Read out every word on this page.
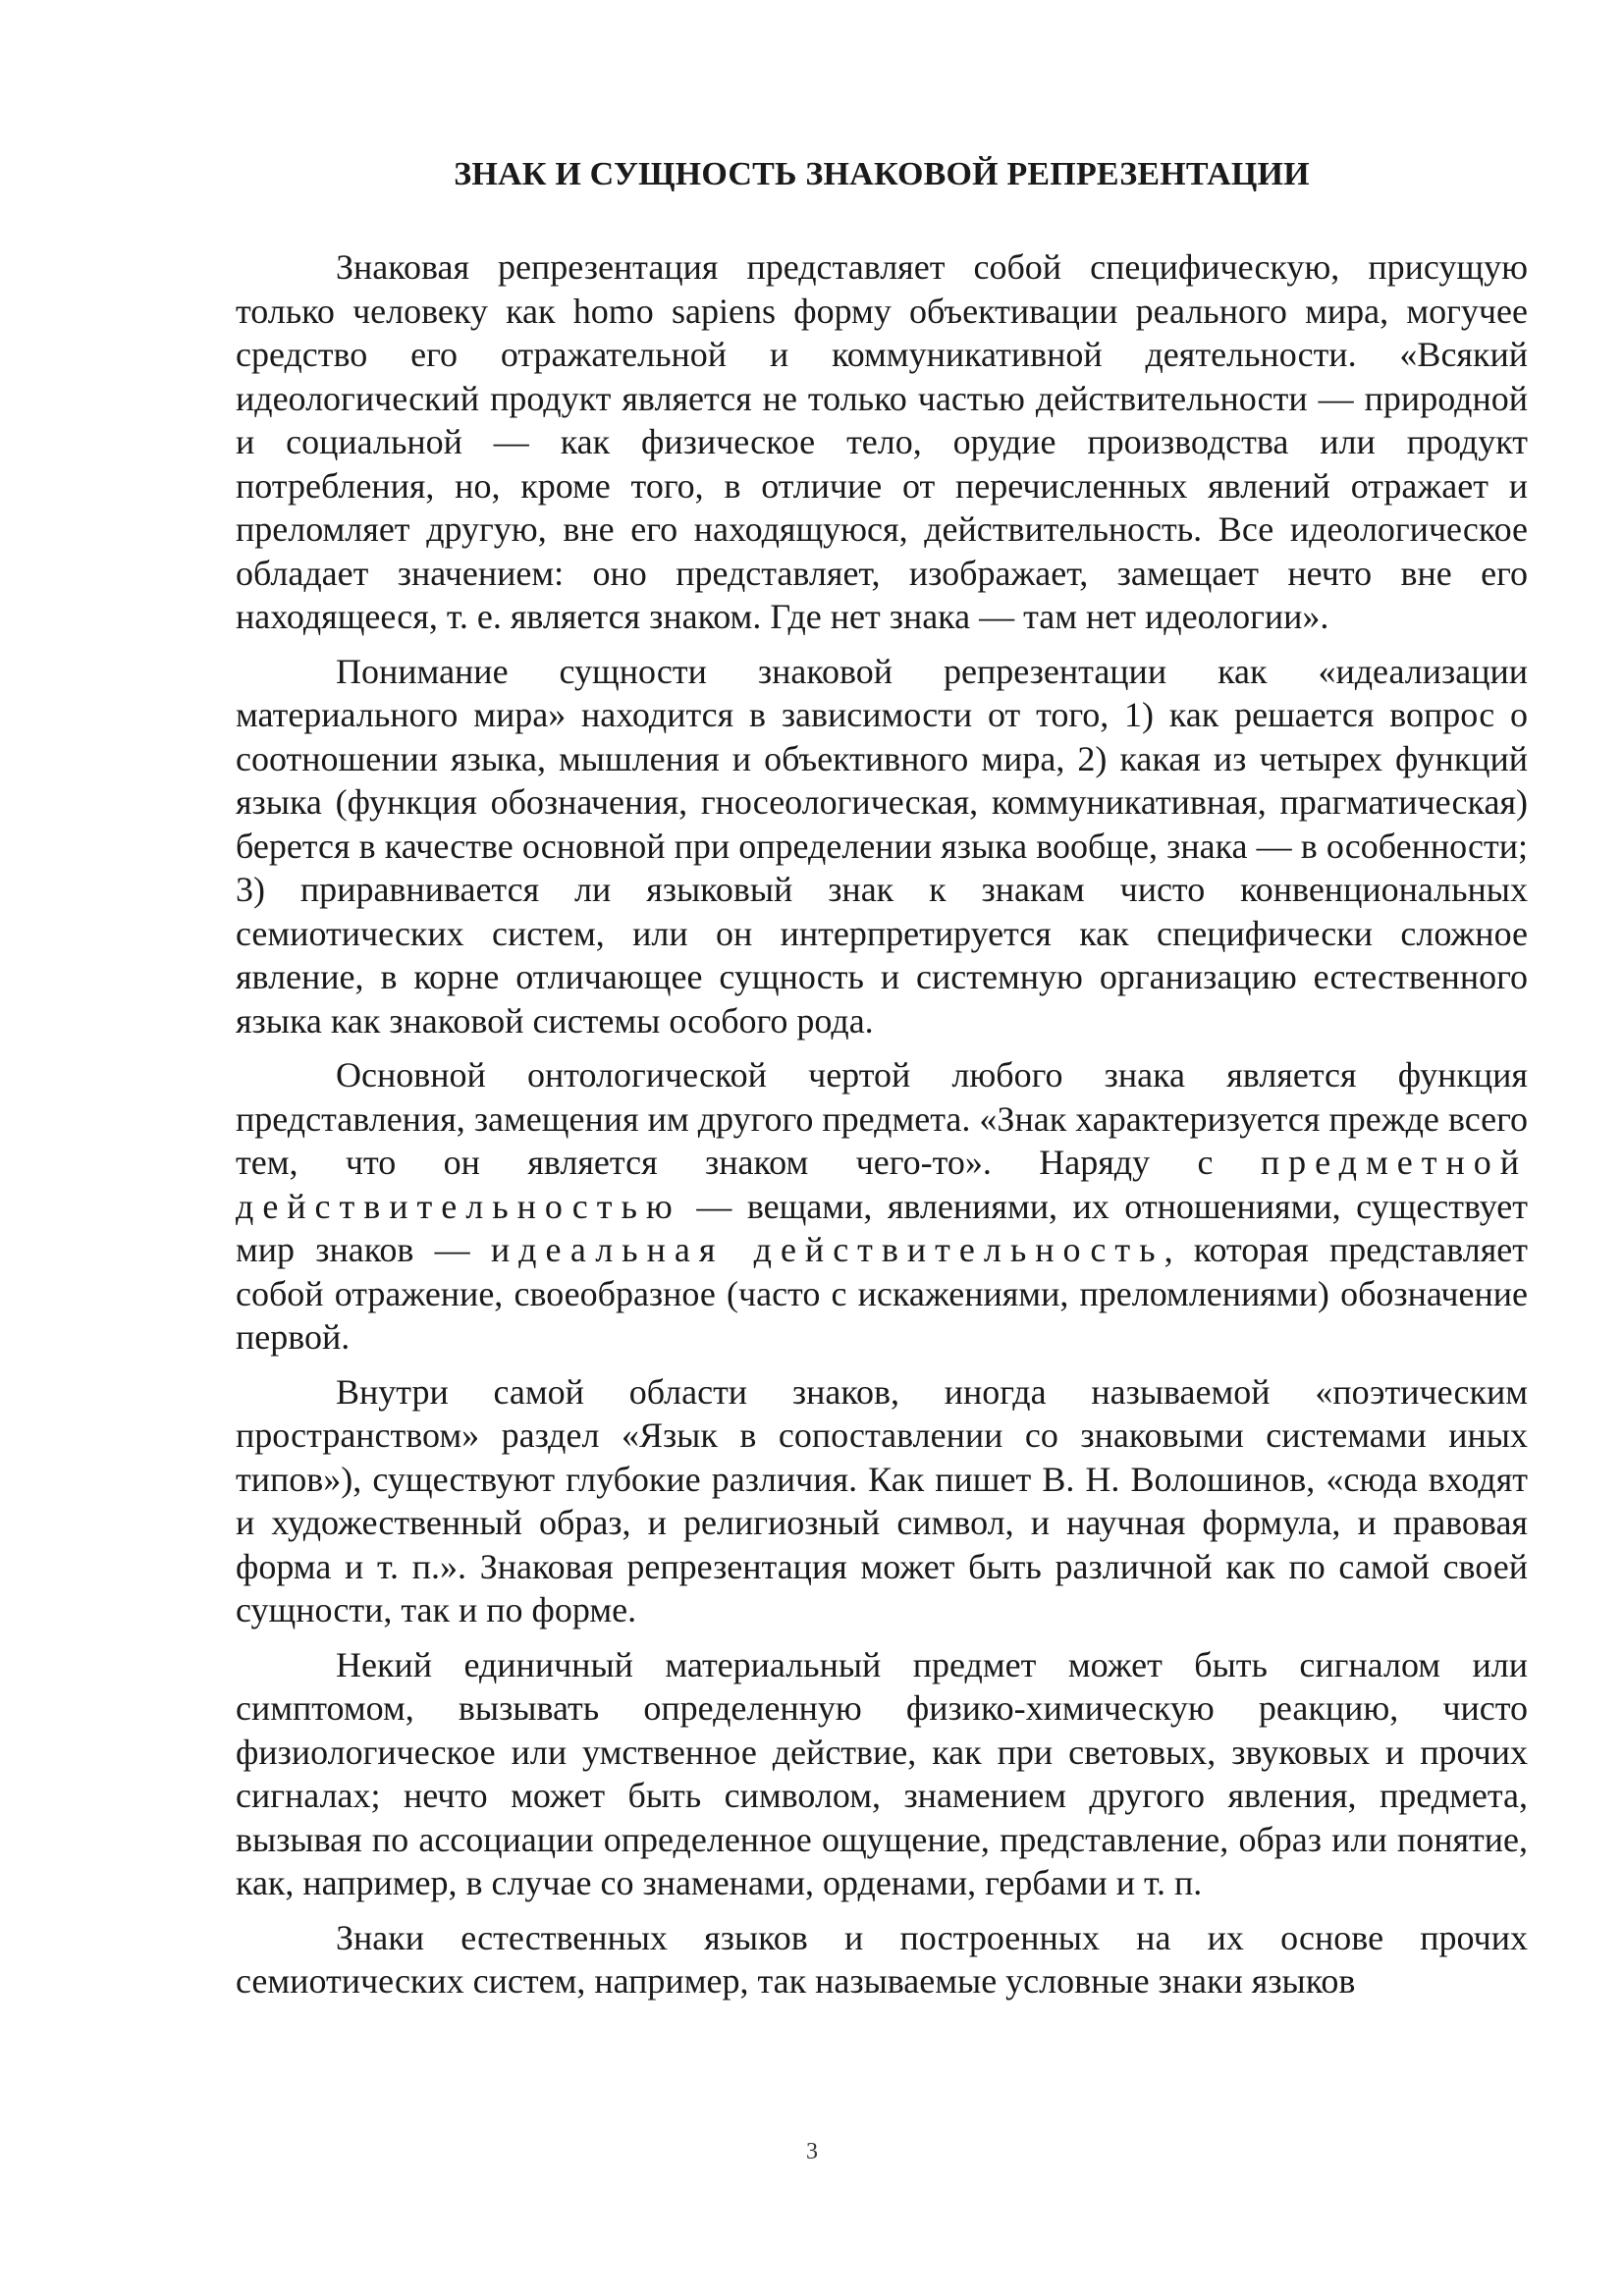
ЗНАК И СУЩНОСТЬ ЗНАКОВОЙ РЕПРЕЗЕНТАЦИИ

Знаковая репрезентация представляет собой специфическую, присущую только человеку как homo sapiens форму объективации реального мира, могучее средство его отражательной и коммуникативной деятельности. «Всякий идеологический продукт является не только частью действительности — природной и социальной — как физическое тело, орудие производства или продукт потребления, но, кроме того, в отличие от перечисленных явлений отражает и преломляет другую, вне его находящуюся, действительность. Все идеологическое обладает значением: оно представляет, изображает, замещает нечто вне его находящееся, т. е. является знаком. Где нет знака — там нет идеологии».

Понимание сущности знаковой репрезентации как «идеализации материального мира» находится в зависимости от того, 1) как решается вопрос о соотношении языка, мышления и объективного мира, 2) какая из четырех функций языка (функция обозначения, гносеологическая, коммуникативная, прагматическая) берется в качестве основной при определении языка вообще, знака — в особенности; 3) приравнивается ли языковый знак к знакам чисто конвенциональных семиотических систем, или он интерпретируется как специфически сложное явление, в корне отличающее сущность и системную организацию естественного языка как знаковой системы особого рода.

Основной онтологической чертой любого знака является функция представления, замещения им другого предмета. «Знак характеризуется прежде всего тем, что он является знаком чего-то». Наряду с предметной действительностью — вещами, явлениями, их отношениями, существует мир знаков — идеальная действительность, которая представляет собой отражение, своеобразное (часто с искажениями, преломлениями) обозначение первой.

Внутри самой области знаков, иногда называемой «поэтическим пространством» раздел «Язык в сопоставлении со знаковыми системами иных типов»), существуют глубокие различия. Как пишет В. Н. Волошинов, «сюда входят и художественный образ, и религиозный символ, и научная формула, и правовая форма и т. п.». Знаковая репрезентация может быть различной как по самой своей сущности, так и по форме.

Некий единичный материальный предмет может быть сигналом или симптомом, вызывать определенную физико-химическую реакцию, чисто физиологическое или умственное действие, как при световых, звуковых и прочих сигналах; нечто может быть символом, знамением другого явления, предмета, вызывая по ассоциации определенное ощущение, представление, образ или понятие, как, например, в случае со знаменами, орденами, гербами и т. п.

Знаки естественных языков и построенных на их основе прочих семиотических систем, например, так называемые условные знаки языков

3
